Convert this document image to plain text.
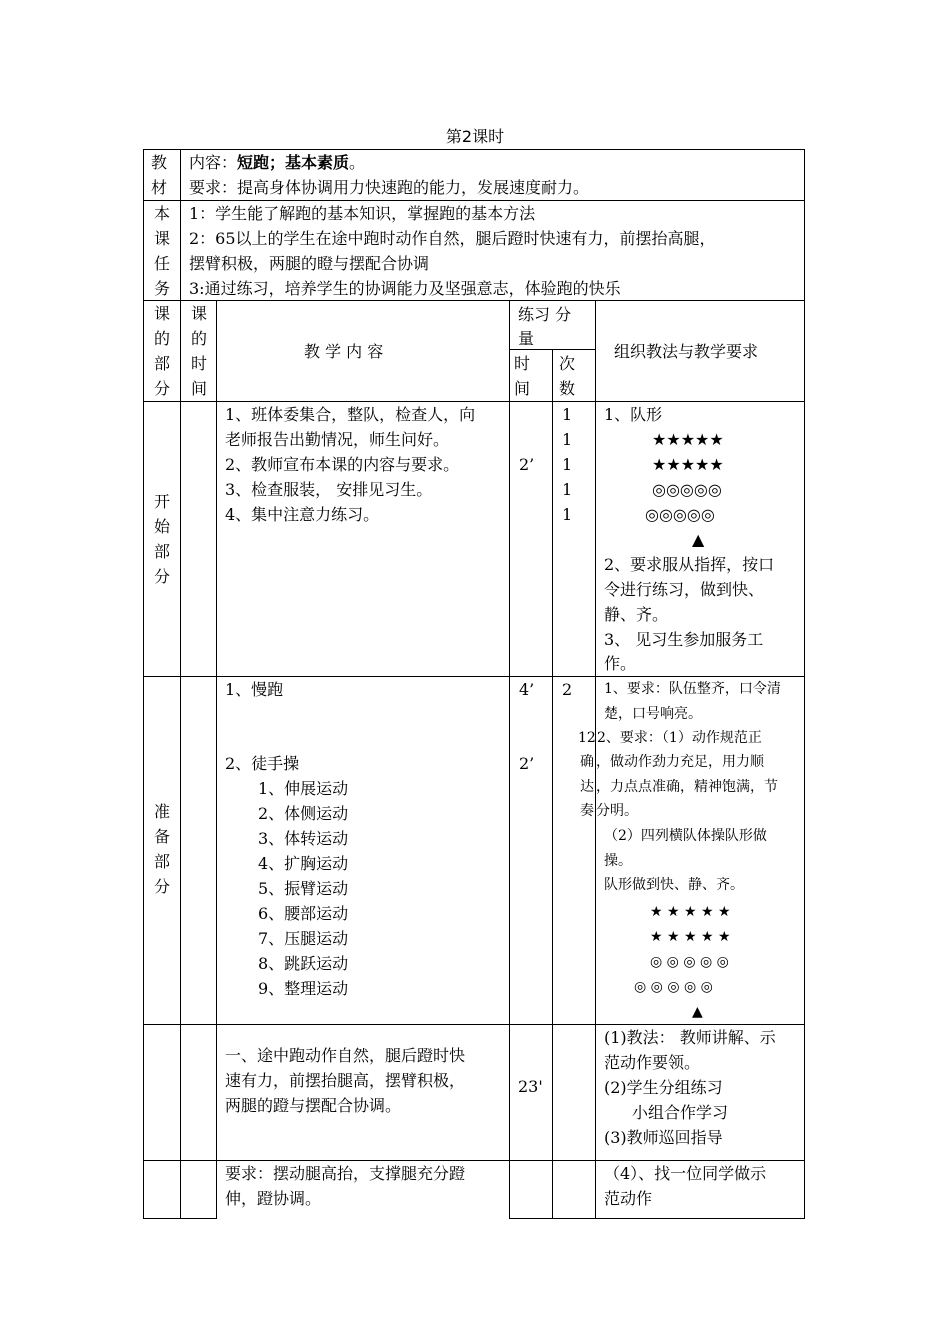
第2课时
教材
内容：短跑；基本素质。
要求：提高身体协调用力快速跑的能力，发展速度耐力。
本课任务
1：学生能了解跑的基本知识，掌握跑的基本方法
2：65以上的学生在途中跑时动作自然，腿后蹬时快速有力，前摆抬高腿，
摆臂积极，两腿的瞪与摆配合协调
3:通过练习，培养学生的协调能力及坚强意志，体验跑的快乐
课的部分
课的时间
教 学 内 容
练习 分
量
时间
次数
组织教法与教学要求
开始部分
1、班体委集合，整队，检查人，向
老师报告出勤情况，师生问好。
2、教师宣布本课的内容与要求。
3、检查服装， 安排见习生。
4、集中注意力练习。
2’
1
1
1
1
1
1、队形
★★★★★
★★★★★
◎◎◎◎◎
◎◎◎◎◎
▲
2、要求服从指挥，按口
令进行练习，做到快、
静、齐。
3、 见习生参加服务工
作。
准备部分
1、慢跑	4’ 2
2、徒手操	2’
1、伸展运动
2、体侧运动
3、体转运动
4、扩胸运动
5、振臂运动
6、腰部运动
7、压腿运动
8、跳跃运动
9、整理运动
12
确
达
奏
1、要求：队伍整齐，口令清
楚，口号响亮。
2、要求：（1）动作规范正
，做动作劲力充足，用力顺
，力点点准确，精神饱满，节
分明。
（2）四列横队体操队形做
操。
队形做到快、静、齐。
★ ★ ★ ★ ★
★ ★ ★ ★ ★
◎ ◎ ◎ ◎ ◎
◎ ◎ ◎ ◎ ◎
▲
一、途中跑动作自然，腿后蹬时快
速有力，前摆抬腿高，摆臂积极，
两腿的蹬与摆配合协调。
23'
(1)教法： 教师讲解、示
范动作要领。
(2)学生分组练习
小组合作学习
(3)教师巡回指导
要求：摆动腿高抬，支撑腿充分蹬
伸，蹬协调。
（4）、找一位同学做示
范动作
